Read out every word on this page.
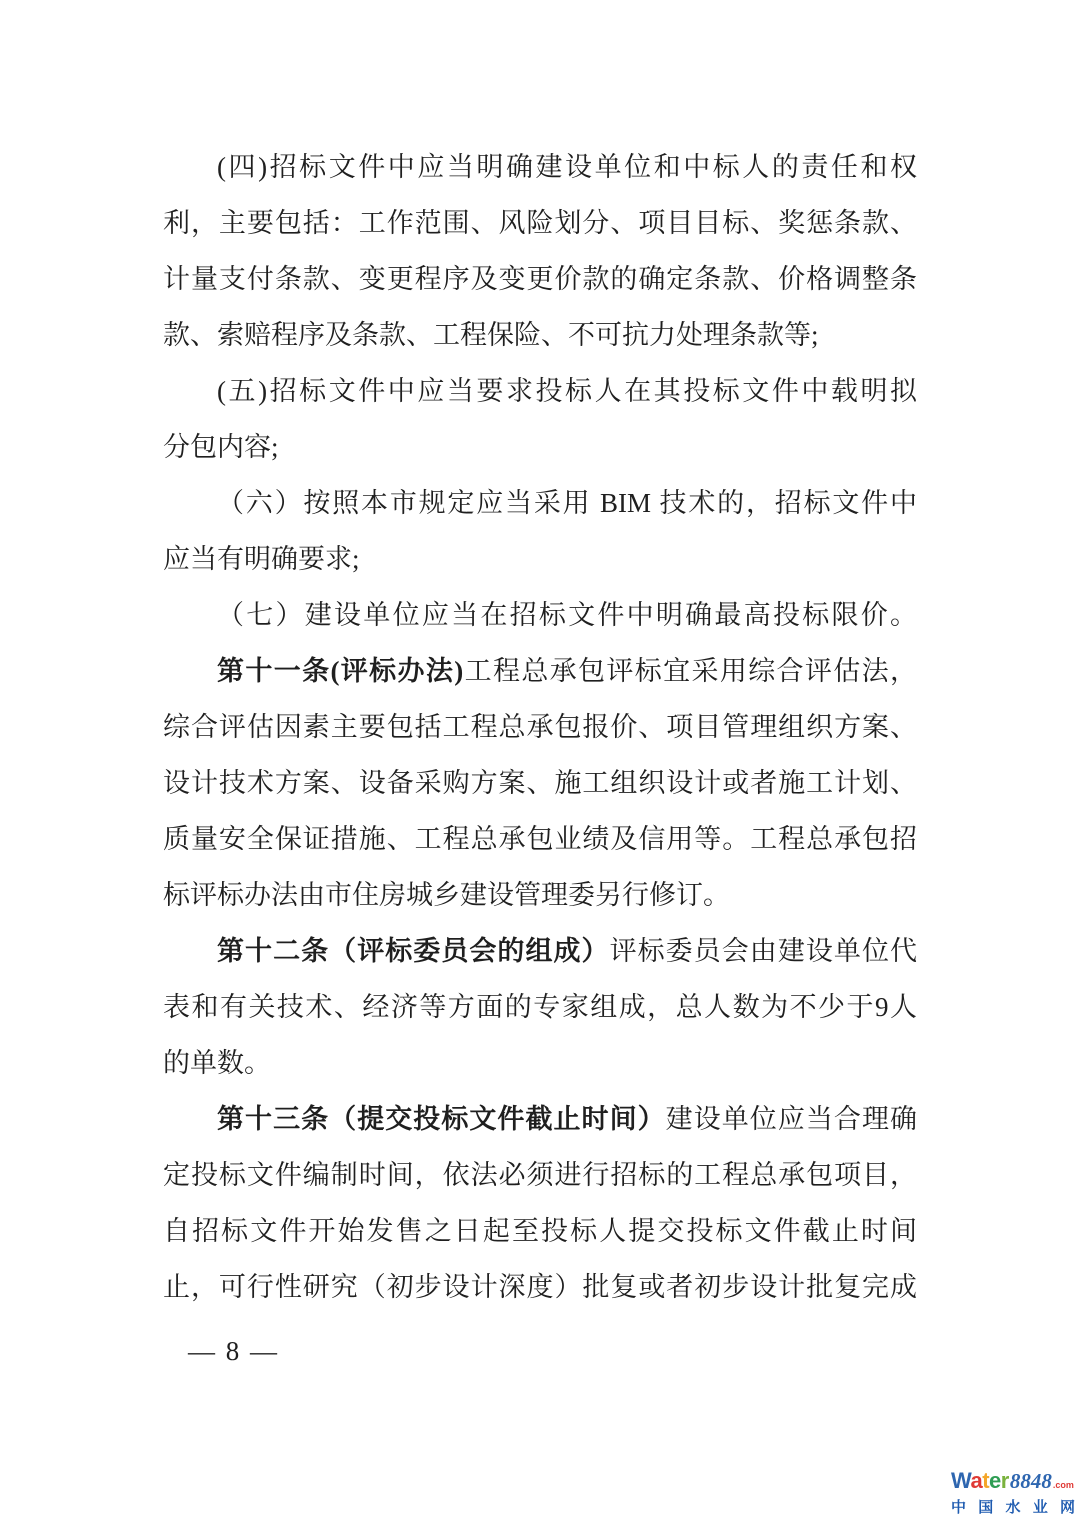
(四)招标文件中应当明确建设单位和中标人的责任和权
利，主要包括：工作范围、风险划分、项目目标、奖惩条款、
计量支付条款、变更程序及变更价款的确定条款、价格调整条
款、索赔程序及条款、工程保险、不可抗力处理条款等;
(五)招标文件中应当要求投标人在其投标文件中载明拟
分包内容;
（六）按照本市规定应当采用 BIM 技术的，招标文件中
应当有明确要求;
（七）建设单位应当在招标文件中明确最高投标限价。
第十一条(评标办法)工程总承包评标宜采用综合评估法，
综合评估因素主要包括工程总承包报价、项目管理组织方案、
设计技术方案、设备采购方案、施工组织设计或者施工计划、
质量安全保证措施、工程总承包业绩及信用等。工程总承包招
标评标办法由市住房城乡建设管理委另行修订。
第十二条（评标委员会的组成）评标委员会由建设单位代
表和有关技术、经济等方面的专家组成，总人数为不少于9人
的单数。
第十三条（提交投标文件截止时间）建设单位应当合理确
定投标文件编制时间，依法必须进行招标的工程总承包项目，
自招标文件开始发售之日起至投标人提交投标文件截止时间
止，可行性研究（初步设计深度）批复或者初步设计批复完成
— 8 —
Water 8848 .com
中 国 水 业 网
